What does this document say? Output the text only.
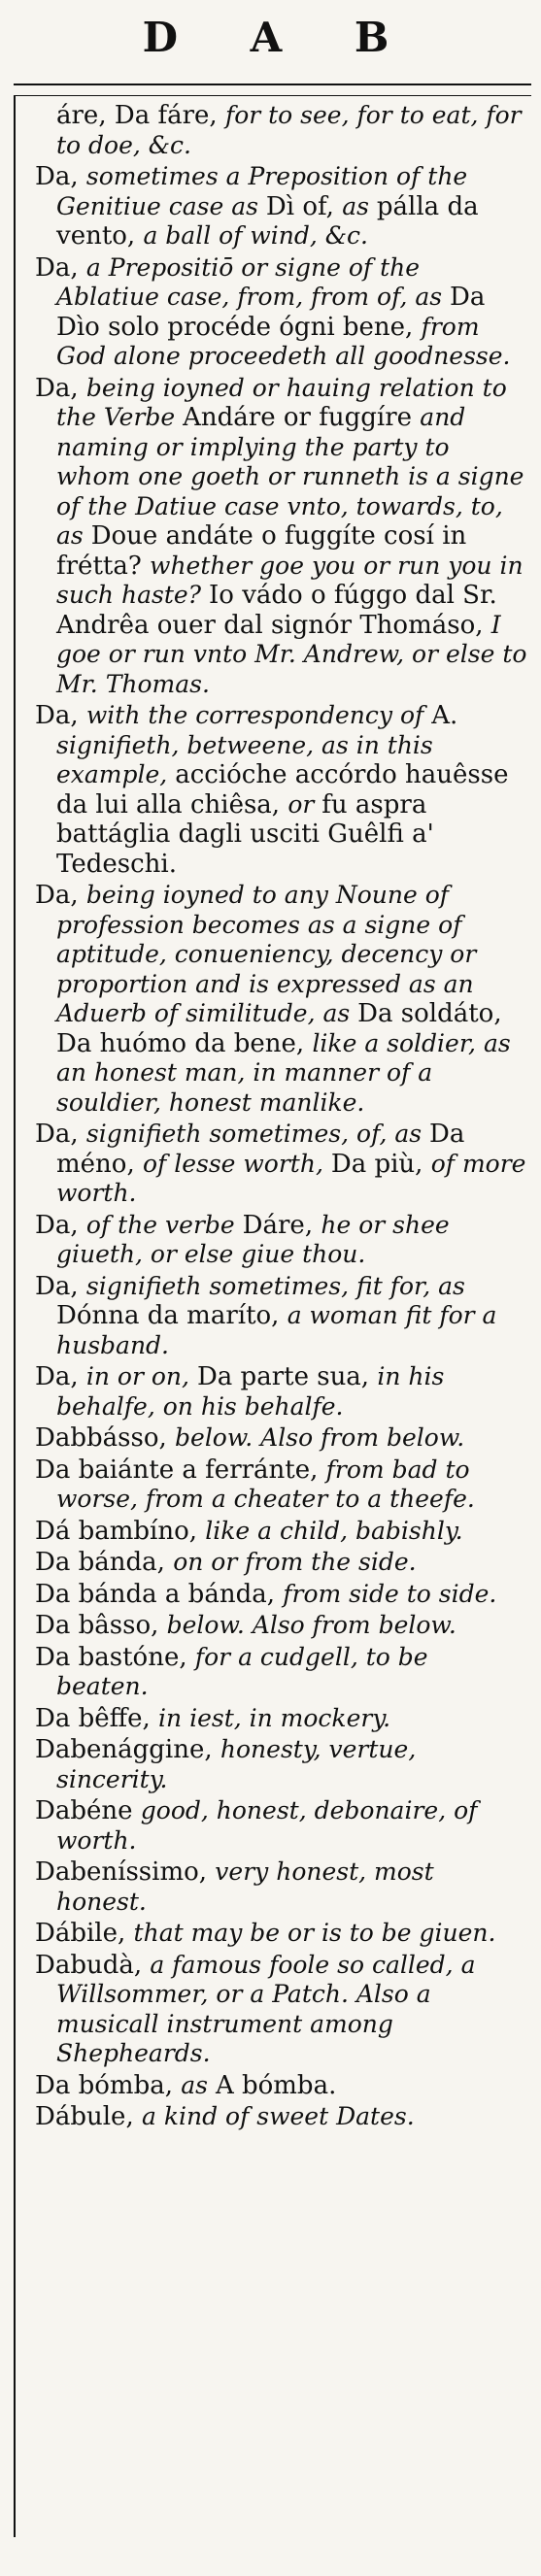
D A B

áre, Da fáre, for to see, for to eat, for to doe, &c.

Da, sometimes a Preposition of the Genitiue case as Dì of, as pálla da vento, a ball of wind, &c.

Da, a Prepositiō or signe of the Ablatiue case, from, from of, as Da Dìo solo procéde ógni bene, from God alone proceedeth all goodnesse.

Da, being ioyned or hauing relation to the Verbe Andáre or fuggíre and naming or implying the party to whom one goeth or runneth is a signe of the Datiue case vnto, towards, to, as Doue andáte o fuggíte cosí in frétta? whether goe you or run you in such haste? Io vádo o fúggo dal Sr. Andrêa ouer dal signór Thomáso, I goe or run vnto Mr. Andrew, or else to Mr. Thomas.

Da, with the correspondency of A. signifieth, betweene, as in this example, accióche accórdo hauêsse da lui alla chiêsa, or fu aspra battáglia dagli usciti Guêlfi a' Tedeschi.

Da, being ioyned to any Noune of profession becomes as a signe of aptitude, conueniency, decency or proportion and is expressed as an Aduerb of similitude, as Da soldáto, Da huómo da bene, like a soldier, as an honest man, in manner of a souldier, honest manlike.

Da, signifieth sometimes, of, as Da méno, of lesse worth, Da più, of more worth.

Da, of the verbe Dáre, he or shee giueth, or else giue thou.

Da, signifieth sometimes, fit for, as Dónna da maríto, a woman fit for a husband.

Da, in or on, Da parte sua, in his behalfe, on his behalfe.

Dabbásso, below. Also from below.

Da baiánte a ferránte, from bad to worse, from a cheater to a theefe.

Dá bambíno, like a child, babishly.

Da bánda, on or from the side.

Da bánda a bánda, from side to side.

Da bâsso, below. Also from below.

Da bastóne, for a cudgell, to be beaten.

Da bêffe, in iest, in mockery.

Dabenággine, honesty, vertue, sincerity.

Dabéne good, honest, debonaire, of worth.

Dabeníssimo, very honest, most honest.

Dábile, that may be or is to be giuen.

Dabudà, a famous foole so called, a Willsommer, or a Patch. Also a musicall instrument among Shepheards.

Da bómba, as A bómba.

Dábule, a kind of sweet Dates.
